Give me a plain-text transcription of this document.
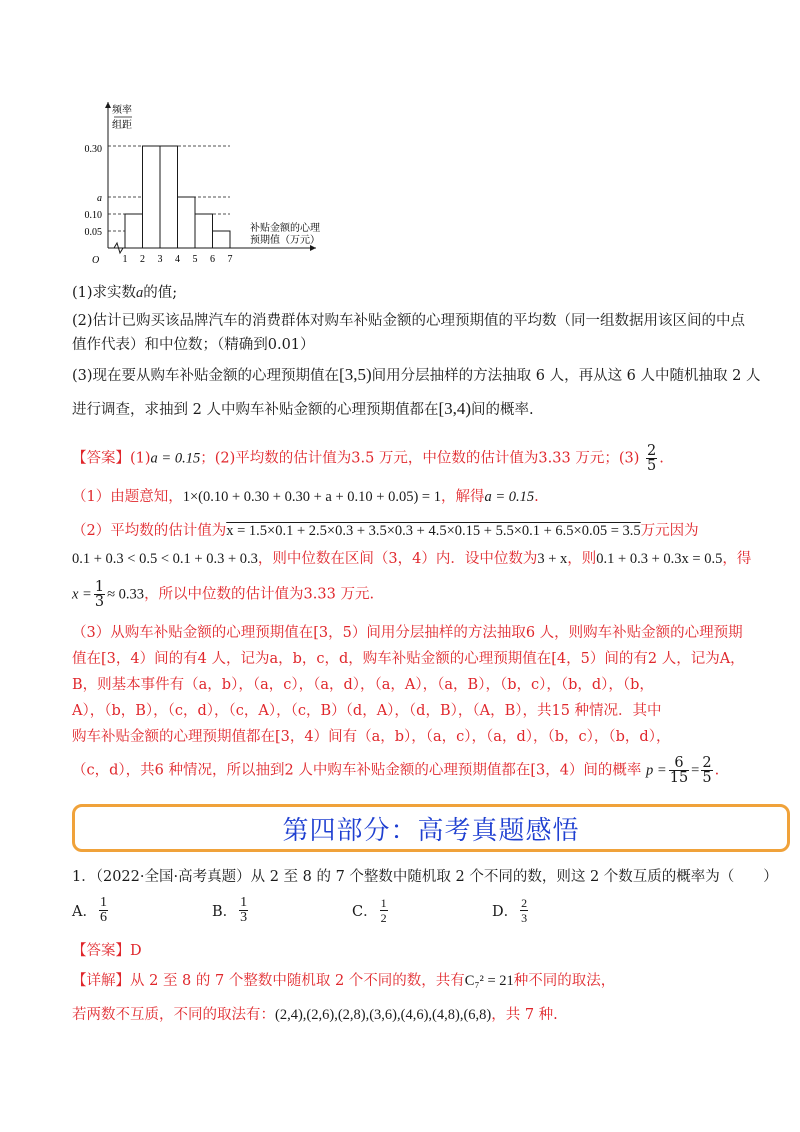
频率
组距
O
0.30
a
0.10
0.05
1 2 3 4 5 6 7
补贴金额的心理
预期值（万元）
(1)求实数a的值;
(2)估计已购买该品牌汽车的消费群体对购车补贴金额的心理预期值的平均数（同一组数据用该区间的中点
值作代表）和中位数；（精确到0.01）
(3)现在要从购车补贴金额的心理预期值在[3,5)间用分层抽样的方法抽取 6 人，再从这 6 人中随机抽取 2 人
进行调查，求抽到 2 人中购车补贴金额的心理预期值都在[3,4)间的概率.
【答案】(1)a = 0.15；(2)平均数的估计值为3.5 万元，中位数的估计值为3.33 万元；$(3) \frac{2}{5}$ .
（1）由题意知，1×(0.10 + 0.30 + 0.30 + a + 0.10 + 0.05) = 1，解得a = 0.15.
（2）平均数的估计值为x = 1.5×0.1 + 2.5×0.3 + 3.5×0.3 + 4.5×0.15 + 5.5×0.1 + 6.5×0.05 = 3.5万元因为
0.1 + 0.3 < 0.5 < 0.1 + 0.3 + 0.3，则中位数在区间（3，4）内．设中位数为3 + x，则0.1 + 0.3 + 0.3x = 0.5，得
$x = \frac{1}{3} \approx 0.33$，所以中位数的估计值为3.33 万元.
（3）从购车补贴金额的心理预期值在[3，5）间用分层抽样的方法抽取6 人，则购车补贴金额的心理预期
值在[3，4）间的有4 人，记为a，b，c，d，购车补贴金额的心理预期值在[4，5）间的有2 人，记为A，
B，则基本事件有（a，b），（a，c），（a，d），（a，A），（a，B），（b，c），（b，d），（b，
A），（b，B），（c，d），（c，A），（c，B）（d，A），（d，B），（A，B），共15 种情况．其中
购车补贴金额的心理预期值都在[3，4）间有（a，b），（a，c），（a，d），（b，c），（b，d），
（c，d），共6 种情况，所以抽到2 人中购车补贴金额的心理预期值都在[3，4）间的概率 $p = \frac{6}{15} = \frac{2}{5}$ .
第四部分：高考真题感悟
1．（2022·全国·高考真题）从 2 至 8 的 7 个整数中随机取 2 个不同的数，则这 2 个数互质的概率为（　　）
A． $\frac{1}{6}$	B． $\frac{1}{3}$	C． $\frac{1}{2}$	D． $\frac{2}{3}$
【答案】D
【详解】从 2 至 8 的 7 个整数中随机取 2 个不同的数，共有C₇² = 21种不同的取法，
若两数不互质，不同的取法有：(2,4),(2,6),(2,8),(3,6),(4,6),(4,8),(6,8)，共 7 种.
